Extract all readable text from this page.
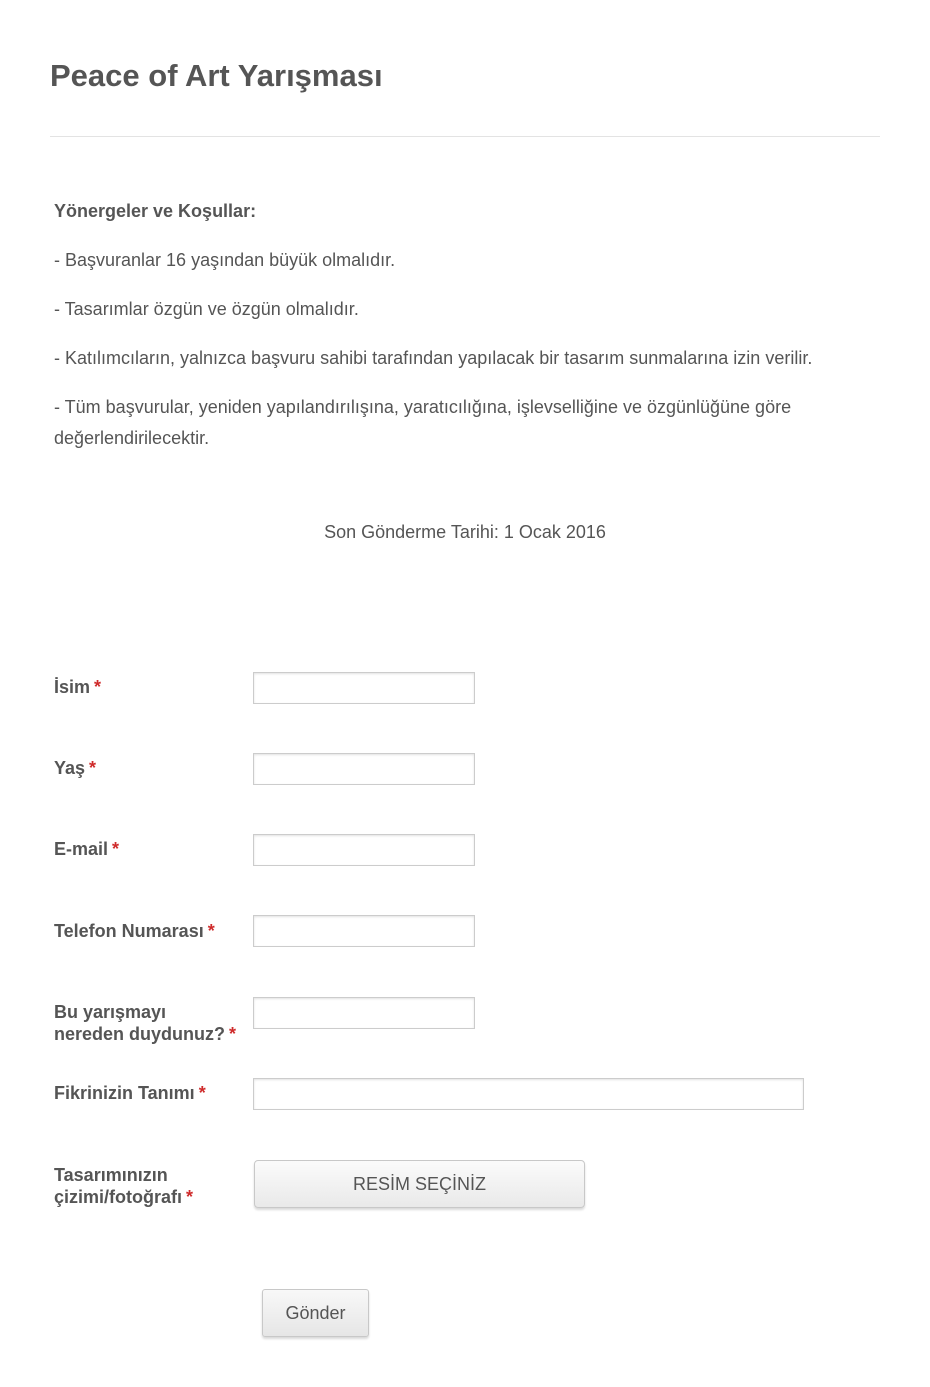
Peace of Art Yarışması

Yönergeler ve Koşullar:

- Başvuranlar 16 yaşından büyük olmalıdır.

- Tasarımlar özgün ve özgün olmalıdır.

- Katılımcıların, yalnızca başvuru sahibi tarafından yapılacak bir tasarım sunmalarına izin verilir.

- Tüm başvurular, yeniden yapılandırılışına, yaratıcılığına, işlevselliğine ve özgünlüğüne göre değerlendirilecektir.

Son Gönderme Tarihi: 1 Ocak 2016
İsim *
Yaş *
E-mail *
Telefon Numarası *
Bu yarışmayı
nereden duydunuz? *
Fikrinizin Tanımı *
Tasarımınızın
çizimi/fotoğrafı *
RESİM SEÇİNİZ
Gönder
